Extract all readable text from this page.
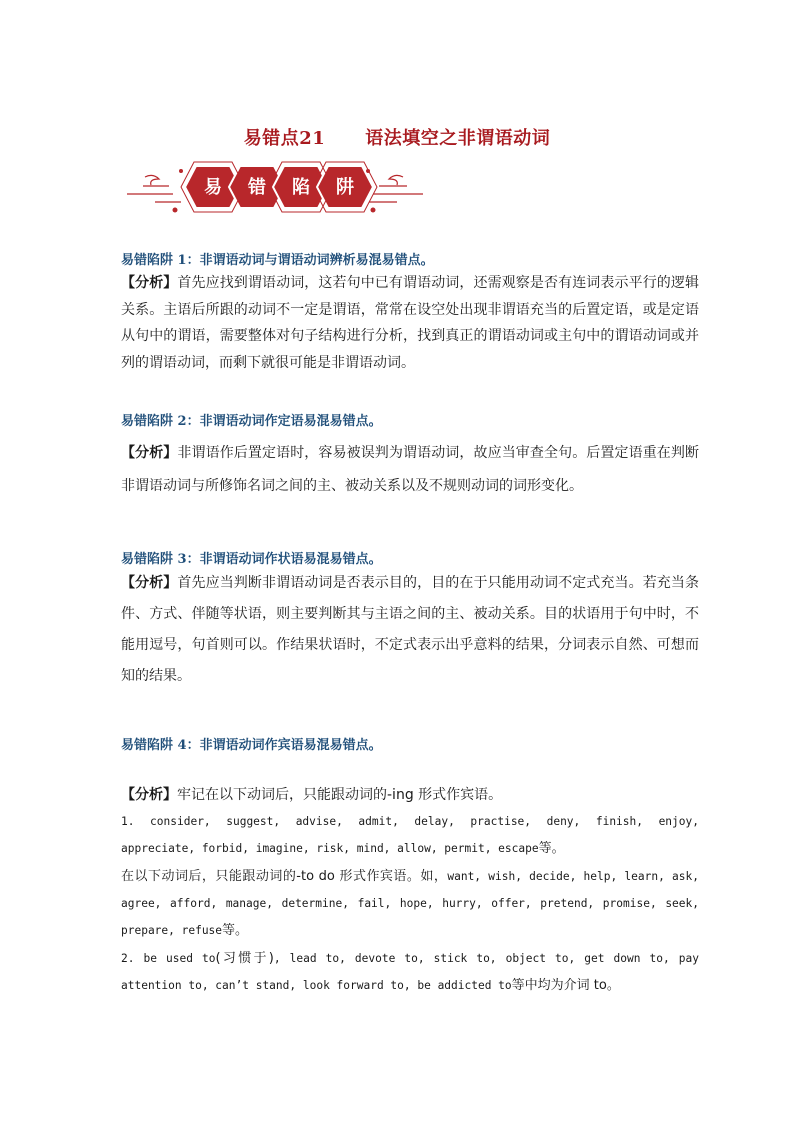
易错点21 语法填空之非谓语动词
易 错 陷 阱
易错陷阱 1：非谓语动词与谓语动词辨析易混易错点。
【分析】首先应找到谓语动词，这若句中已有谓语动词，还需观察是否有连词表示平行的逻辑关系。主语后所跟的动词不一定是谓语，常常在设空处出现非谓语充当的后置定语，或是定语从句中的谓语，需要整体对句子结构进行分析，找到真正的谓语动词或主句中的谓语动词或并列的谓语动词，而剩下就很可能是非谓语动词。
易错陷阱 2：非谓语动词作定语易混易错点。
【分析】非谓语作后置定语时，容易被误判为谓语动词，故应当审查全句。后置定语重在判断非谓语动词与所修饰名词之间的主、被动关系以及不规则动词的词形变化。
易错陷阱 3：非谓语动词作状语易混易错点。
【分析】首先应当判断非谓语动词是否表示目的，目的在于只能用动词不定式充当。若充当条件、方式、伴随等状语，则主要判断其与主语之间的主、被动关系。目的状语用于句中时，不能用逗号，句首则可以。作结果状语时，不定式表示出乎意料的结果，分词表示自然、可想而知的结果。
易错陷阱 4：非谓语动词作宾语易混易错点。
【分析】牢记在以下动词后，只能跟动词的-ing 形式作宾语。
1. consider, suggest, advise, admit, delay, practise, deny, finish, enjoy, appreciate, forbid, imagine, risk, mind, allow, permit, escape等。
在以下动词后，只能跟动词的-to do 形式作宾语。如，want, wish, decide, help, learn, ask, agree, afford, manage, determine, fail, hope, hurry, offer, pretend, promise, seek, prepare, refuse等。
2. be used to(习惯于), lead to, devote to, stick to, object to, get down to, pay attention to, can’t stand, look forward to, be addicted to等中均为介词 to。
